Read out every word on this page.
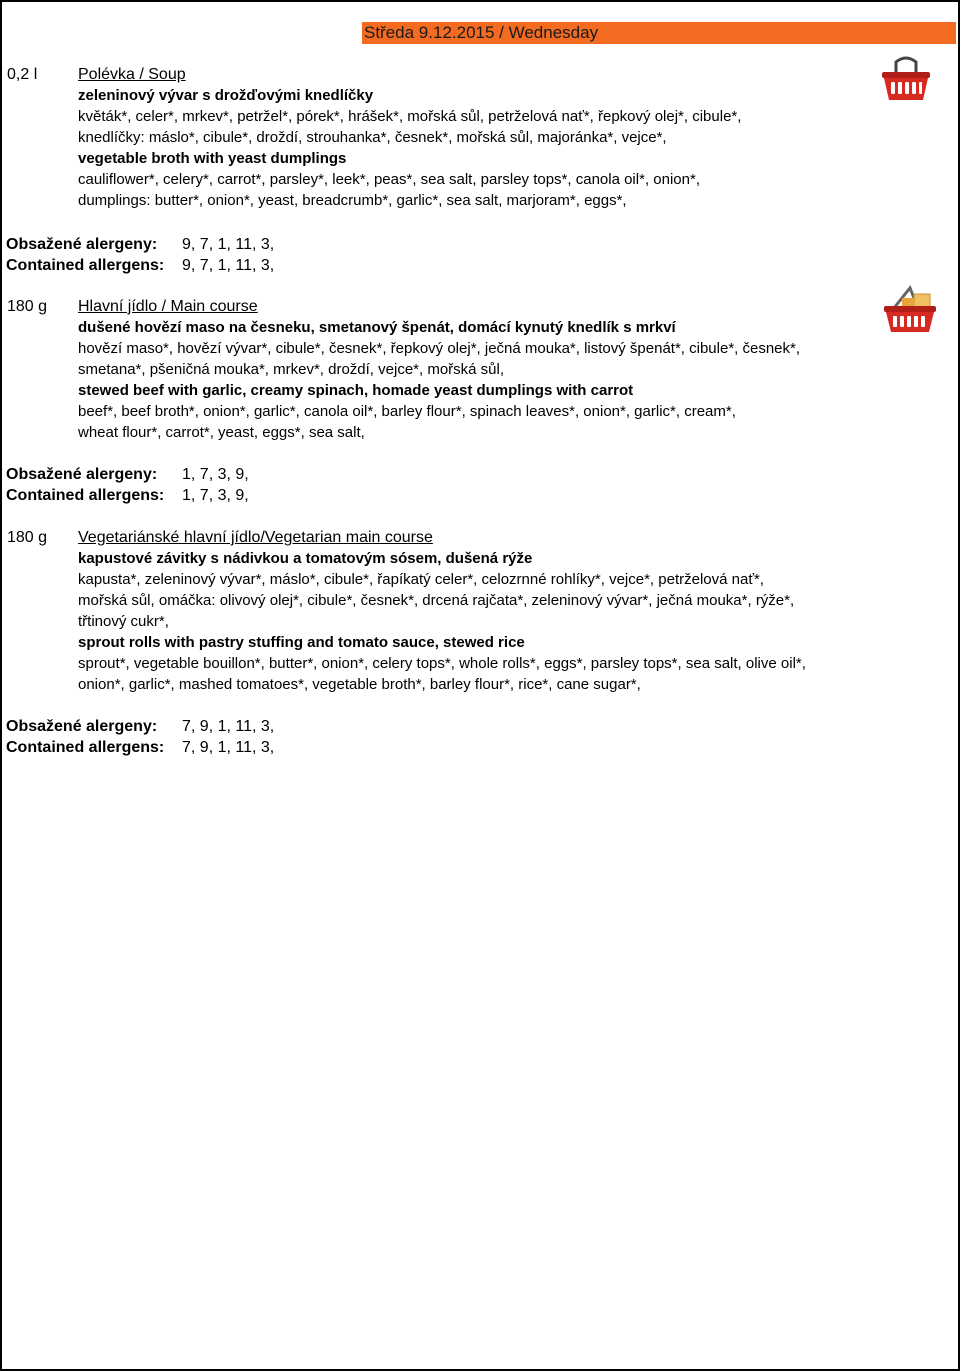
Středa 9.12.2015 / Wednesday
0,2 l	Polévka / Soup
zeleninový vývar s drožďovými knedlíčky
květák*, celer*, mrkev*, petržel*, pórek*, hrášek*, mořská sůl, petrželová nať*, řepkový olej*, cibule*,
knedlíčky: máslo*, cibule*, droždí, strouhanka*, česnek*, mořská sůl, majoránka*, vejce*,
vegetable broth with yeast dumplings
cauliflower*, celery*, carrot*, parsley*, leek*, peas*, sea salt, parsley tops*, canola oil*, onion*,
dumplings: butter*, onion*, yeast, breadcrumb*, garlic*, sea salt, marjoram*, eggs*,
Obsažené alergeny: 9, 7, 1, 11, 3,
Contained allergens: 9, 7, 1, 11, 3,
180 g Hlavní jídlo / Main course
dušené hovězí maso na česneku, smetanový špenát, domácí kynutý knedlík s mrkví
hovězí maso*, hovězí vývar*, cibule*, česnek*, řepkový olej*, ječná mouka*, listový špenát*, cibule*, česnek*,
smetana*, pšeničná mouka*, mrkev*, droždí, vejce*, mořská sůl,
stewed beef with garlic, creamy spinach, homade yeast dumplings with carrot
beef*, beef broth*, onion*, garlic*, canola oil*, barley flour*, spinach leaves*, onion*, garlic*, cream*,
wheat flour*, carrot*, yeast, eggs*, sea salt,
Obsažené alergeny: 1, 7, 3, 9,
Contained allergens: 1, 7, 3, 9,
180 g Vegetariánské hlavní jídlo/Vegetarian main course
kapustové závitky s nádivkou a tomatovým sósem, dušená rýže
kapusta*, zeleninový vývar*, máslo*, cibule*, řapíkatý celer*, celozrnné rohlíky*, vejce*, petrželová nať*,
mořská sůl, omáčka: olivový olej*, cibule*, česnek*, drcená rajčata*, zeleninový vývar*, ječná mouka*, rýže*,
třtinový cukr*,
sprout rolls with pastry stuffing and tomato sauce, stewed rice
sprout*, vegetable bouillon*, butter*, onion*, celery tops*, whole rolls*, eggs*, parsley tops*, sea salt, olive oil*,
onion*, garlic*, mashed tomatoes*, vegetable broth*, barley flour*, rice*, cane sugar*,
Obsažené alergeny: 7, 9, 1, 11, 3,
Contained allergens: 7, 9, 1, 11, 3,
